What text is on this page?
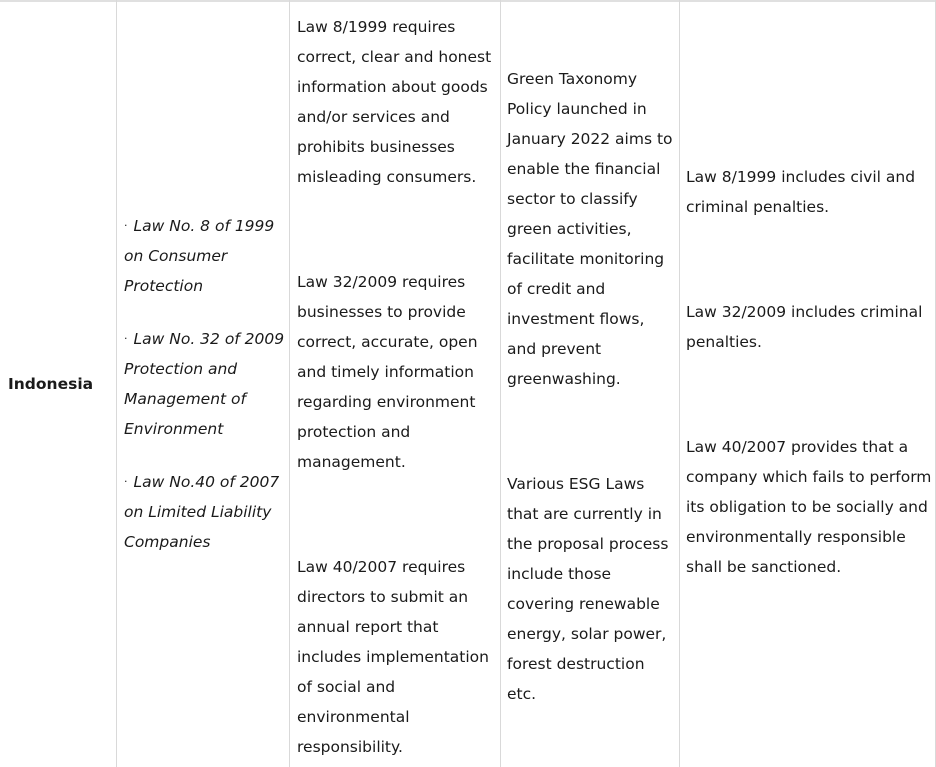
Indonesia

· Law No. 8 of 1999 on Consumer Protection

· Law No. 32 of 2009 Protection and Management of Environment

· Law No.40 of 2007 on Limited Liability Companies

Law 8/1999 requires correct, clear and honest information about goods and/or services and prohibits businesses misleading consumers.

Law 32/2009 requires businesses to provide correct, accurate, open and timely information regarding environment protection and management.

Law 40/2007 requires directors to submit an annual report that includes implementation of social and environmental responsibility.

Green Taxonomy Policy launched in January 2022 aims to enable the financial sector to classify green activities, facilitate monitoring of credit and investment flows, and prevent greenwashing.

Various ESG Laws that are currently in the proposal process include those covering renewable energy, solar power, forest destruction etc.

Law 8/1999 includes civil and criminal penalties.

Law 32/2009 includes criminal penalties.

Law 40/2007 provides that a company which fails to perform its obligation to be socially and environmentally responsible shall be sanctioned.
